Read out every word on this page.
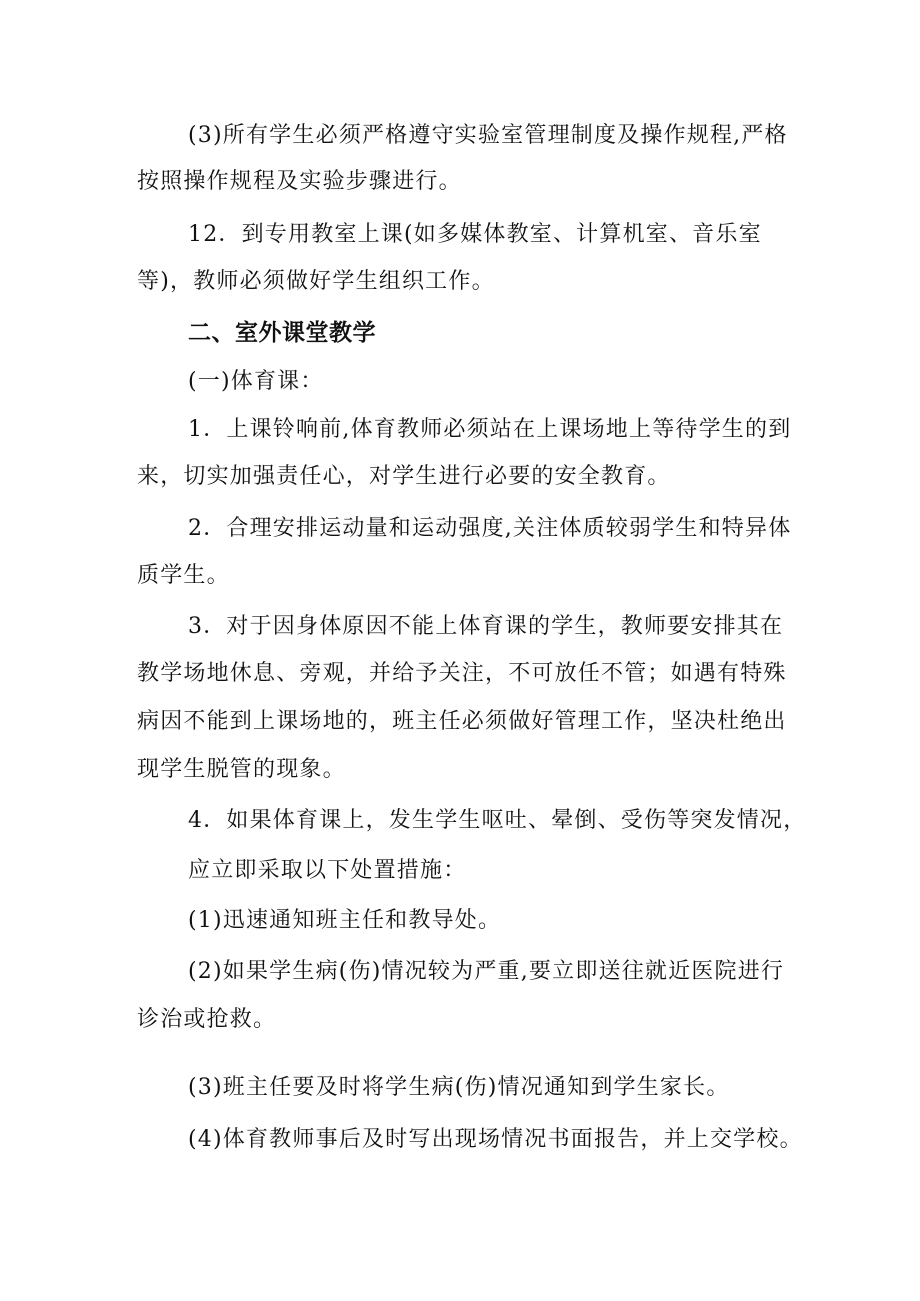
(3)所有学生必须严格遵守实验室管理制度及操作规程,严格
按照操作规程及实验步骤进行。
12．到专用教室上课(如多媒体教室、计算机室、音乐室
等)，教师必须做好学生组织工作。
二、室外课堂教学
(一)体育课：
1．上课铃响前,体育教师必须站在上课场地上等待学生的到
来，切实加强责任心，对学生进行必要的安全教育。
2．合理安排运动量和运动强度,关注体质较弱学生和特异体
质学生。
3．对于因身体原因不能上体育课的学生，教师要安排其在
教学场地休息、旁观，并给予关注，不可放任不管；如遇有特殊
病因不能到上课场地的，班主任必须做好管理工作，坚决杜绝出
现学生脱管的现象。
4．如果体育课上，发生学生呕吐、晕倒、受伤等突发情况，
应立即采取以下处置措施：
(1)迅速通知班主任和教导处。
(2)如果学生病(伤)情况较为严重,要立即送往就近医院进行
诊治或抢救。
(3)班主任要及时将学生病(伤)情况通知到学生家长。
(4)体育教师事后及时写出现场情况书面报告，并上交学校。
